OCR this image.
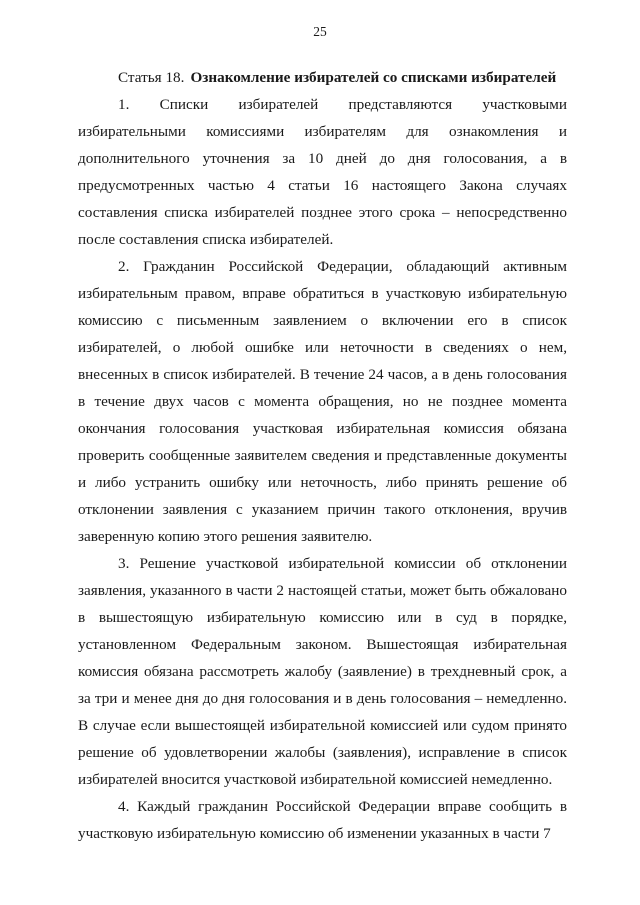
25

Статья 18. Ознакомление избирателей со списками избирателей

1. Списки избирателей представляются участковыми избирательными комиссиями избирателям для ознакомления и дополнительного уточнения за 10 дней до дня голосования, а в предусмотренных частью 4 статьи 16 настоящего Закона случаях составления списка избирателей позднее этого срока – непосредственно после составления списка избирателей.

2. Гражданин Российской Федерации, обладающий активным избирательным правом, вправе обратиться в участковую избирательную комиссию с письменным заявлением о включении его в список избирателей, о любой ошибке или неточности в сведениях о нем, внесенных в список избирателей. В течение 24 часов, а в день голосования в течение двух часов с момента обращения, но не позднее момента окончания голосования участковая избирательная комиссия обязана проверить сообщенные заявителем сведения и представленные документы и либо устранить ошибку или неточность, либо принять решение об отклонении заявления с указанием причин такого отклонения, вручив заверенную копию этого решения заявителю.

3. Решение участковой избирательной комиссии об отклонении заявления, указанного в части 2 настоящей статьи, может быть обжаловано в вышестоящую избирательную комиссию или в суд в порядке, установленном Федеральным законом. Вышестоящая избирательная комиссия обязана рассмотреть жалобу (заявление) в трехдневный срок, а за три и менее дня до дня голосования и в день голосования – немедленно. В случае если вышестоящей избирательной комиссией или судом принято решение об удовлетворении жалобы (заявления), исправление в список избирателей вносится участковой избирательной комиссией немедленно.

4. Каждый гражданин Российской Федерации вправе сообщить в участковую избирательную комиссию об изменении указанных в части 7
